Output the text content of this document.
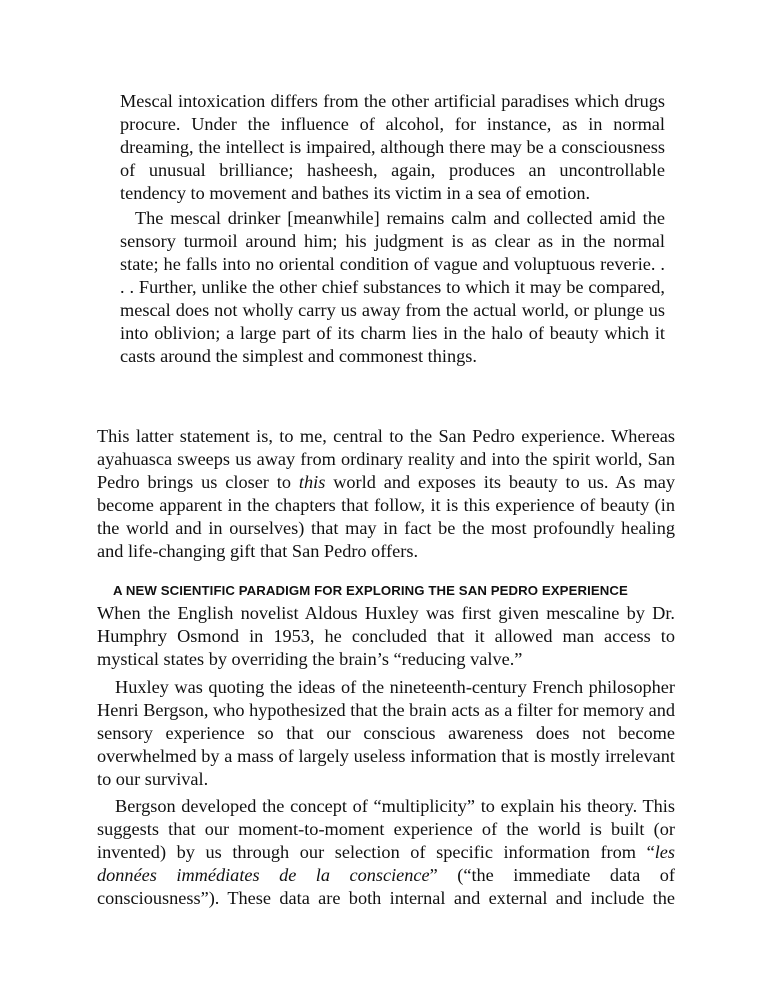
Mescal intoxication differs from the other artificial paradises which drugs procure. Under the influence of alcohol, for instance, as in normal dreaming, the intellect is impaired, although there may be a consciousness of unusual brilliance; hasheesh, again, produces an uncontrollable tendency to movement and bathes its victim in a sea of emotion.

The mescal drinker [meanwhile] remains calm and collected amid the sensory turmoil around him; his judgment is as clear as in the normal state; he falls into no oriental condition of vague and voluptuous reverie. . . . Further, unlike the other chief substances to which it may be compared, mescal does not wholly carry us away from the actual world, or plunge us into oblivion; a large part of its charm lies in the halo of beauty which it casts around the simplest and commonest things.

This latter statement is, to me, central to the San Pedro experience. Whereas ayahuasca sweeps us away from ordinary reality and into the spirit world, San Pedro brings us closer to this world and exposes its beauty to us. As may become apparent in the chapters that follow, it is this experience of beauty (in the world and in ourselves) that may in fact be the most profoundly healing and life-changing gift that San Pedro offers.

A NEW SCIENTIFIC PARADIGM FOR EXPLORING THE SAN PEDRO EXPERIENCE

When the English novelist Aldous Huxley was first given mescaline by Dr. Humphry Osmond in 1953, he concluded that it allowed man access to mystical states by overriding the brain’s “reducing valve.”

Huxley was quoting the ideas of the nineteenth-century French philosopher Henri Bergson, who hypothesized that the brain acts as a filter for memory and sensory experience so that our conscious awareness does not become overwhelmed by a mass of largely useless information that is mostly irrelevant to our survival.

Bergson developed the concept of “multiplicity” to explain his theory. This suggests that our moment-to-moment experience of the world is built (or invented) by us through our selection of specific information from “les données immédiates de la conscience” (“the immediate data of consciousness”). These data are both internal and external and include the
